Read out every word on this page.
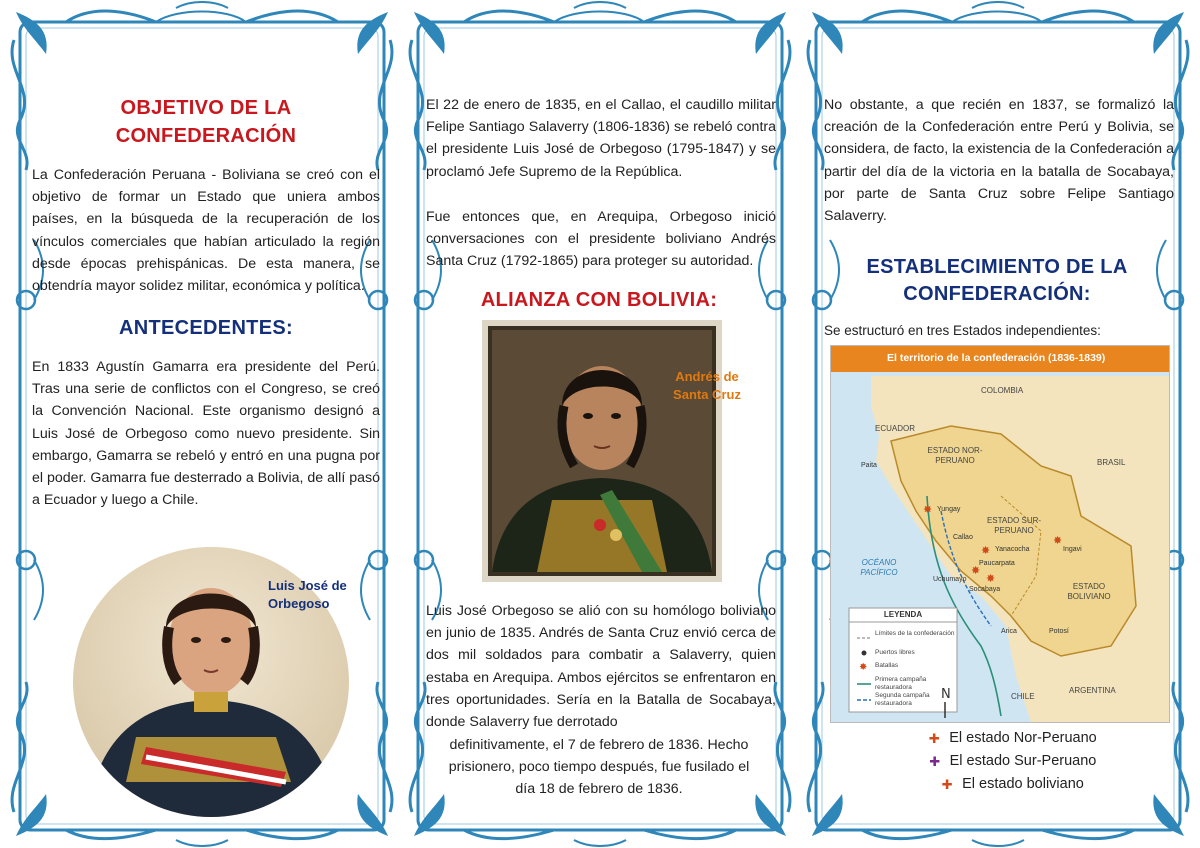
OBJETIVO DE LA CONFEDERACIÓN
La Confederación Peruana - Boliviana se creó con el objetivo de formar un Estado que uniera ambos países, en la búsqueda de la recuperación de los vínculos comerciales que habían articulado la región desde épocas prehispánicas. De esta manera, se obtendría mayor solidez militar, económica y política.
ANTECEDENTES:
En 1833 Agustín Gamarra era presidente del Perú. Tras una serie de conflictos con el Congreso, se creó la Convención Nacional. Este organismo designó a Luis José de Orbegoso como nuevo presidente. Sin embargo, Gamarra se rebeló y entró en una pugna por el poder. Gamarra fue desterrado a Bolivia, de allí pasó a Ecuador y luego a Chile.
Luis José de Orbegoso
El 22 de enero de 1835, en el Callao, el caudillo militar Felipe Santiago Salaverry (1806-1836) se rebeló contra el presidente Luis José de Orbegoso (1795-1847) y se proclamó Jefe Supremo de la República.
Fue entonces que, en Arequipa, Orbegoso inició conversaciones con el presidente boliviano Andrés Santa Cruz (1792-1865) para proteger su autoridad.
ALIANZA CON BOLIVIA:
Andrés de Santa Cruz
Luis José Orbegoso se alió con su homólogo boliviano en junio de 1835. Andrés de Santa Cruz envió cerca de dos mil soldados para combatir a Salaverry, quien estaba en Arequipa. Ambos ejércitos se enfrentaron en tres oportunidades. Sería en la Batalla de Socabaya, donde Salaverry fue derrotado
definitivamente, el 7 de febrero de 1836. Hecho prisionero, poco tiempo después, fue fusilado el día 18 de febrero de 1836.
No obstante, a que recién en 1837, se formalizó la creación de la Confederación entre Perú y Bolivia, se considera, de facto, la existencia de la Confederación a partir del día de la victoria en la batalla de Socabaya, por parte de Santa Cruz sobre Felipe Santiago Salaverry.
ESTABLECIMIENTO DE LA CONFEDERACIÓN:
Se estructuró en tres Estados independientes:
✸
✸
✸
✸
✸
✸
N
El territorio de la confederación (1836-1839)
COLOMBIA
ECUADOR
BRASIL
ESTADO NOR-PERUANO
ESTADO SUR-PERUANO
ESTADO BOLIVIANO
OCÉANO PACÍFICO
CHILE
ARGENTINA
Paita
Yungay
Callao
Yanacocha	Ingavi
Paucarpata
Uchumayo
Socabaya
Arica	Potosí
LEYENDA
Límites de la confederación
Puertos libres
Batallas
Primera campaña restauradora
Segunda campaña restauradora
✚ El estado Nor-Peruano
✚ El estado Sur-Peruano
✚ El estado boliviano
